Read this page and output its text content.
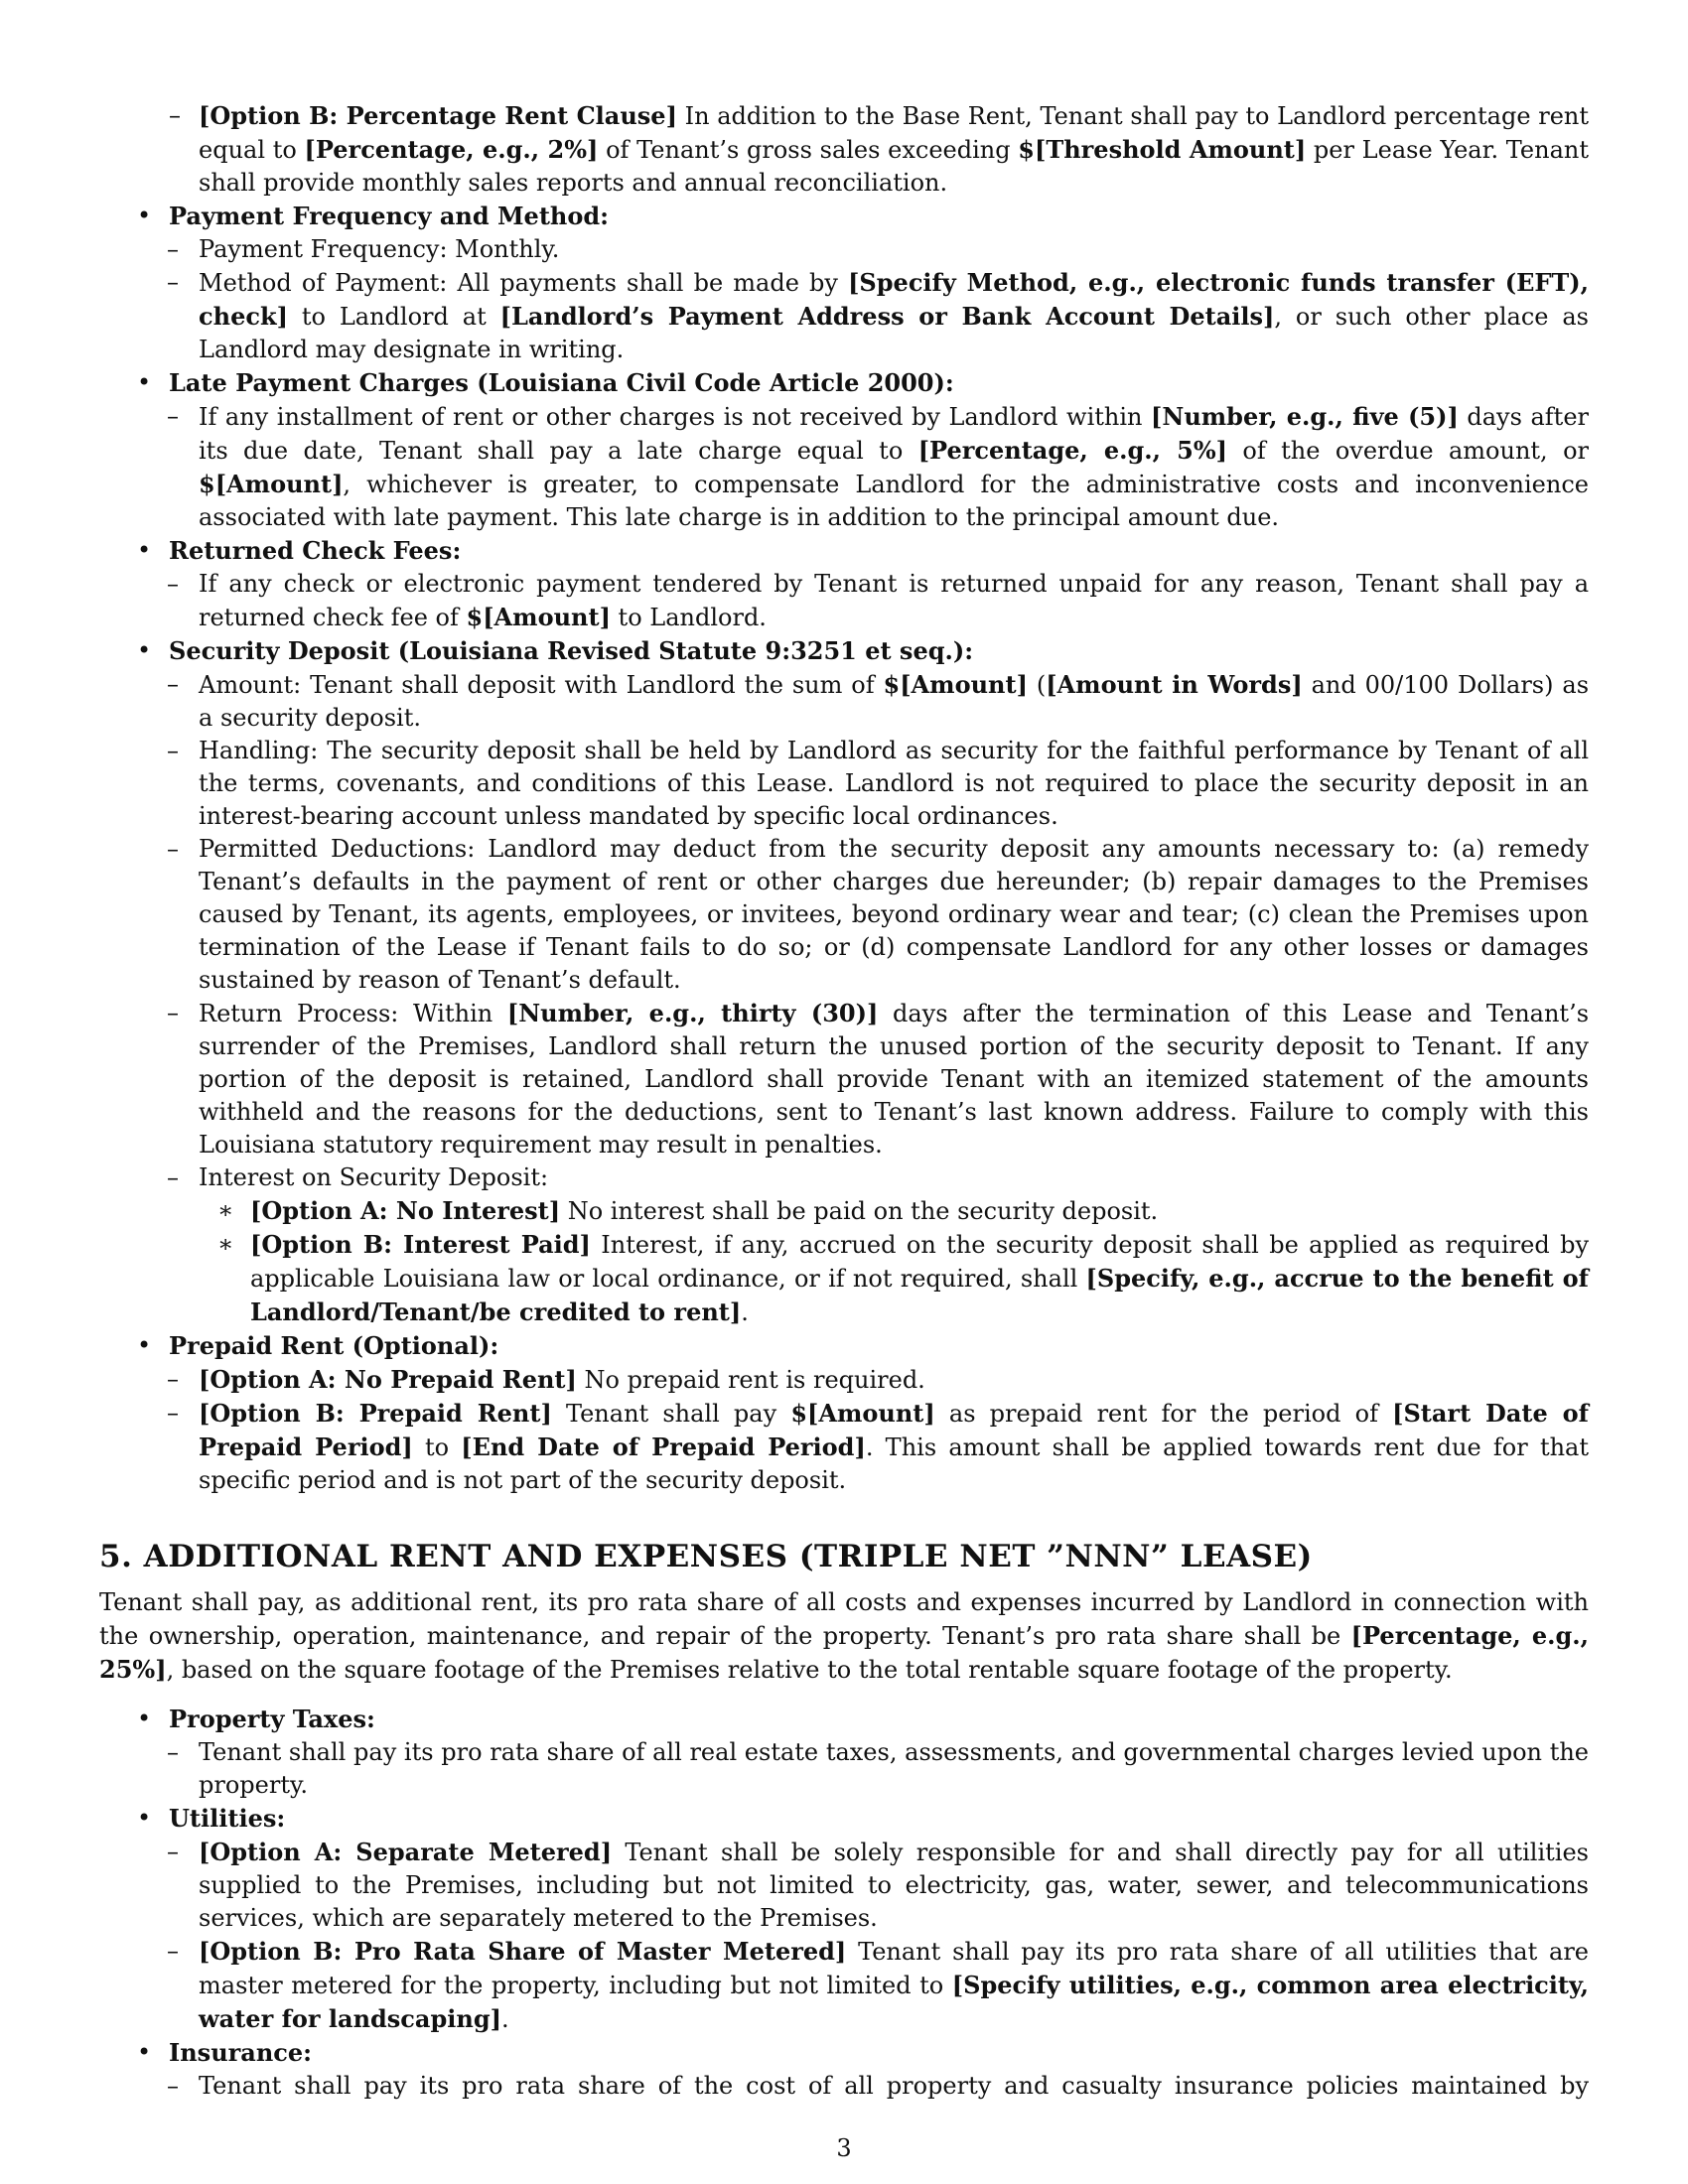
– [Option B: Percentage Rent Clause] In addition to the Base Rent, Tenant shall pay to Landlord percentage rent equal to [Percentage, e.g., 2%] of Tenant’s gross sales exceeding $[Threshold Amount] per Lease Year. Tenant shall provide monthly sales reports and annual reconciliation.
• Payment Frequency and Method:
– Payment Frequency: Monthly.
– Method of Payment: All payments shall be made by [Specify Method, e.g., electronic funds transfer (EFT), check] to Landlord at [Landlord’s Payment Address or Bank Account Details], or such other place as Landlord may designate in writing.
• Late Payment Charges (Louisiana Civil Code Article 2000):
– If any installment of rent or other charges is not received by Landlord within [Number, e.g., five (5)] days after its due date, Tenant shall pay a late charge equal to [Percentage, e.g., 5%] of the overdue amount, or $[Amount], whichever is greater, to compensate Landlord for the administrative costs and inconvenience associated with late payment. This late charge is in addition to the principal amount due.
• Returned Check Fees:
– If any check or electronic payment tendered by Tenant is returned unpaid for any reason, Tenant shall pay a returned check fee of $[Amount] to Landlord.
• Security Deposit (Louisiana Revised Statute 9:3251 et seq.):
– Amount: Tenant shall deposit with Landlord the sum of $[Amount] ([Amount in Words] and 00/100 Dollars) as a security deposit.
– Handling: The security deposit shall be held by Landlord as security for the faithful performance by Tenant of all the terms, covenants, and conditions of this Lease. Landlord is not required to place the security deposit in an interest-bearing account unless mandated by specific local ordinances.
– Permitted Deductions: Landlord may deduct from the security deposit any amounts necessary to: (a) remedy Tenant’s defaults in the payment of rent or other charges due hereunder; (b) repair damages to the Premises caused by Tenant, its agents, employees, or invitees, beyond ordinary wear and tear; (c) clean the Premises upon termination of the Lease if Tenant fails to do so; or (d) compensate Landlord for any other losses or damages sustained by reason of Tenant’s default.
– Return Process: Within [Number, e.g., thirty (30)] days after the termination of this Lease and Tenant’s surrender of the Premises, Landlord shall return the unused portion of the security deposit to Tenant. If any portion of the deposit is retained, Landlord shall provide Tenant with an itemized statement of the amounts withheld and the reasons for the deductions, sent to Tenant’s last known address. Failure to comply with this Louisiana statutory requirement may result in penalties.
– Interest on Security Deposit:
∗ [Option A: No Interest] No interest shall be paid on the security deposit.
∗ [Option B: Interest Paid] Interest, if any, accrued on the security deposit shall be applied as required by applicable Louisiana law or local ordinance, or if not required, shall [Specify, e.g., accrue to the benefit of Landlord/Tenant/be credited to rent].
• Prepaid Rent (Optional):
– [Option A: No Prepaid Rent] No prepaid rent is required.
– [Option B: Prepaid Rent] Tenant shall pay $[Amount] as prepaid rent for the period of [Start Date of Prepaid Period] to [End Date of Prepaid Period]. This amount shall be applied towards rent due for that specific period and is not part of the security deposit.
5. ADDITIONAL RENT AND EXPENSES (TRIPLE NET ”NNN” LEASE)

Tenant shall pay, as additional rent, its pro rata share of all costs and expenses incurred by Landlord in connection with the ownership, operation, maintenance, and repair of the property. Tenant’s pro rata share shall be [Percentage, e.g., 25%], based on the square footage of the Premises relative to the total rentable square footage of the property.

• Property Taxes:
– Tenant shall pay its pro rata share of all real estate taxes, assessments, and governmental charges levied upon the property.
• Utilities:
– [Option A: Separate Metered] Tenant shall be solely responsible for and shall directly pay for all utilities supplied to the Premises, including but not limited to electricity, gas, water, sewer, and telecommunications services, which are separately metered to the Premises.
– [Option B: Pro Rata Share of Master Metered] Tenant shall pay its pro rata share of all utilities that are master metered for the property, including but not limited to [Specify utilities, e.g., common area electricity, water for landscaping].
• Insurance:
– Tenant shall pay its pro rata share of the cost of all property and casualty insurance policies maintained by
3
